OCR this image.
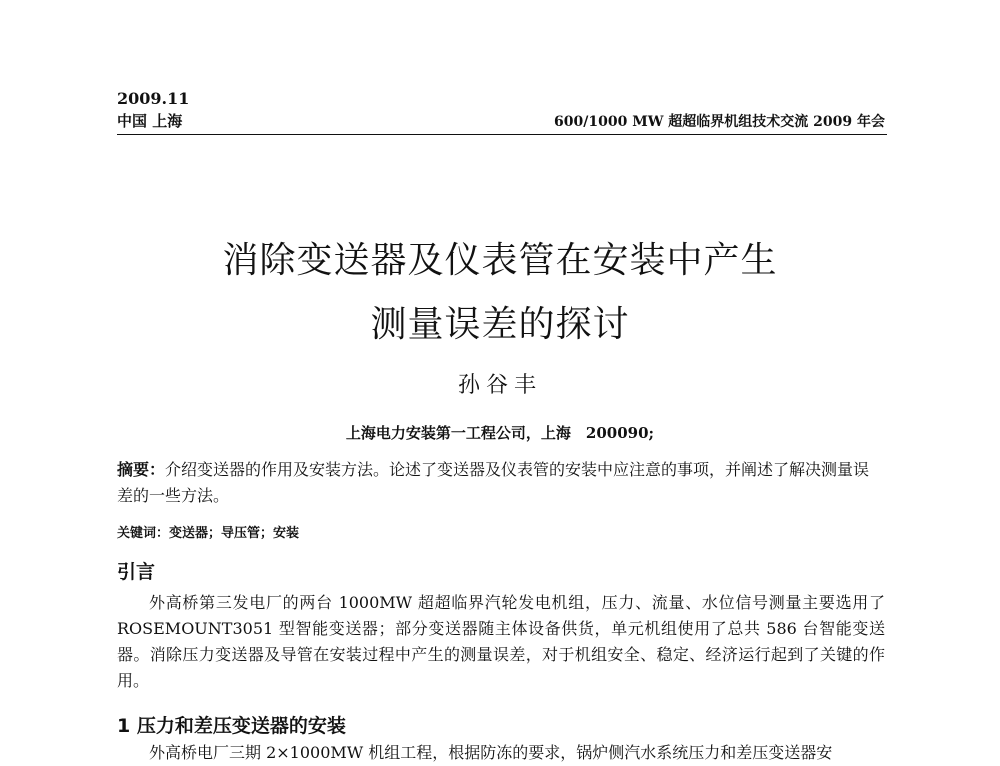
2009.11
中国 上海	600/1000 MW 超超临界机组技术交流 2009 年会
消除变送器及仪表管在安装中产生
测量误差的探讨
孙谷丰
上海电力安装第一工程公司，上海　200090;
摘要：介绍变送器的作用及安装方法。论述了变送器及仪表管的安装中应注意的事项，并阐述了解决测量误差的一些方法。
关键词：变送器；导压管；安装
引言
外高桥第三发电厂的两台 1000MW 超超临界汽轮发电机组，压力、流量、水位信号测量主要选用了 ROSEMOUNT3051 型智能变送器；部分变送器随主体设备供货，单元机组使用了总共 586 台智能变送器。消除压力变送器及导管在安装过程中产生的测量误差，对于机组安全、稳定、经济运行起到了关键的作用。
1 压力和差压变送器的安装
外高桥电厂三期 2×1000MW 机组工程，根据防冻的要求，锅炉侧汽水系统压力和差压变送器安
